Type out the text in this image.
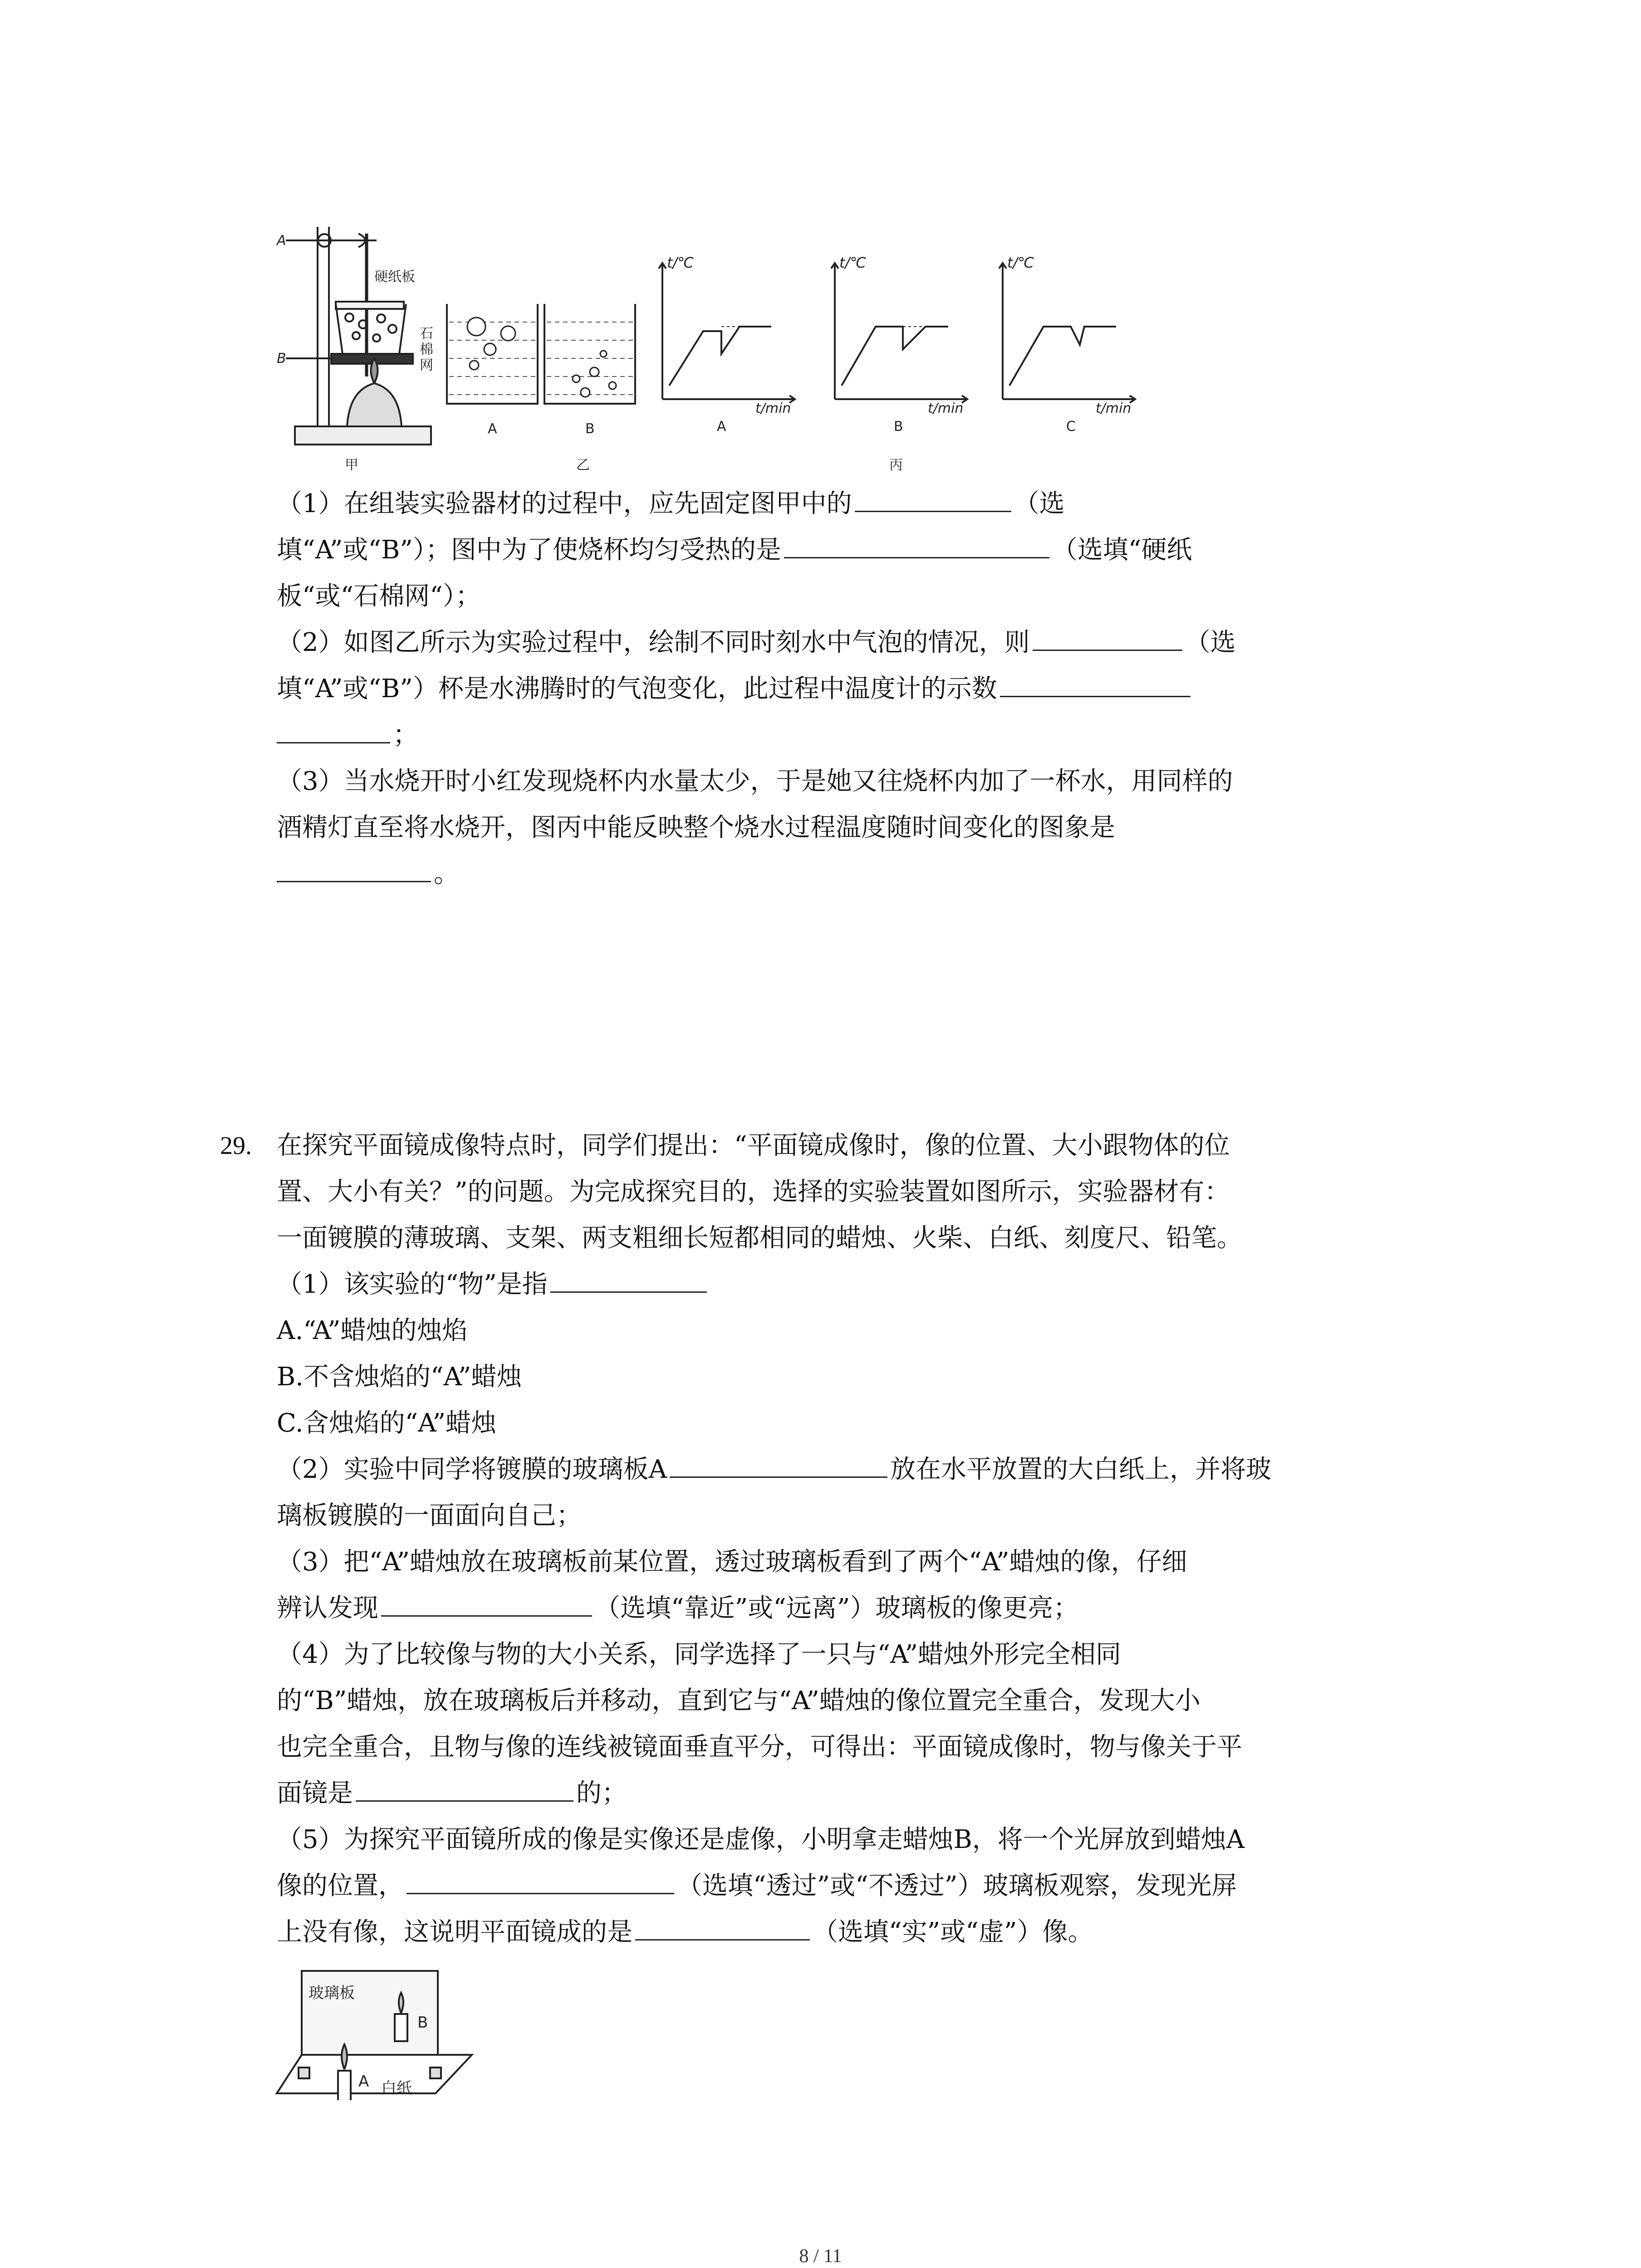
A
B
硬纸板
石
棉
网
甲
A	B
乙
t/℃	t/℃	t/℃
t/min	t/min	t/min
A	B	C
丙
（1）在组装实验器材的过程中，应先固定图甲中的	（选
填“A”或“B”）；图中为了使烧杯均匀受热的是	（选填“硬纸
板“或“石棉网“）；
（2）如图乙所示为实验过程中，绘制不同时刻水中气泡的情况，则	（选
填“A”或“B”）杯是水沸腾时的气泡变化，此过程中温度计的示数
；
（3）当水烧开时小红发现烧杯内水量太少，于是她又往烧杯内加了一杯水，用同样的
酒精灯直至将水烧开，图丙中能反映整个烧水过程温度随时间变化的图象是
。
29. 在探究平面镜成像特点时，同学们提出：“平面镜成像时，像的位置、大小跟物体的位
置、大小有关？”的问题。为完成探究目的，选择的实验装置如图所示，实验器材有：
一面镀膜的薄玻璃、支架、两支粗细长短都相同的蜡烛、火柴、白纸、刻度尺、铅笔。
（1）该实验的“物”是指
A.“A”蜡烛的烛焰
B.不含烛焰的“A”蜡烛
C.含烛焰的“A”蜡烛
（2）实验中同学将镀膜的玻璃板A	放在水平放置的大白纸上，并将玻
璃板镀膜的一面面向自己；
（3）把“A”蜡烛放在玻璃板前某位置，透过玻璃板看到了两个“A”蜡烛的像，仔细
辨认发现	（选填“靠近”或“远离”）玻璃板的像更亮；
（4）为了比较像与物的大小关系，同学选择了一只与“A”蜡烛外形完全相同
的“B”蜡烛，放在玻璃板后并移动，直到它与“A”蜡烛的像位置完全重合，发现大小
也完全重合，且物与像的连线被镜面垂直平分，可得出：平面镜成像时，物与像关于平
面镜是	的；
（5）为探究平面镜所成的像是实像还是虚像，小明拿走蜡烛B，将一个光屏放到蜡烛A
像的位置，	（选填“透过”或“不透过”）玻璃板观察，发现光屏
上没有像，这说明平面镜成的是	（选填“实”或“虚”）像。
玻璃板
B
A 白纸
8 / 11
